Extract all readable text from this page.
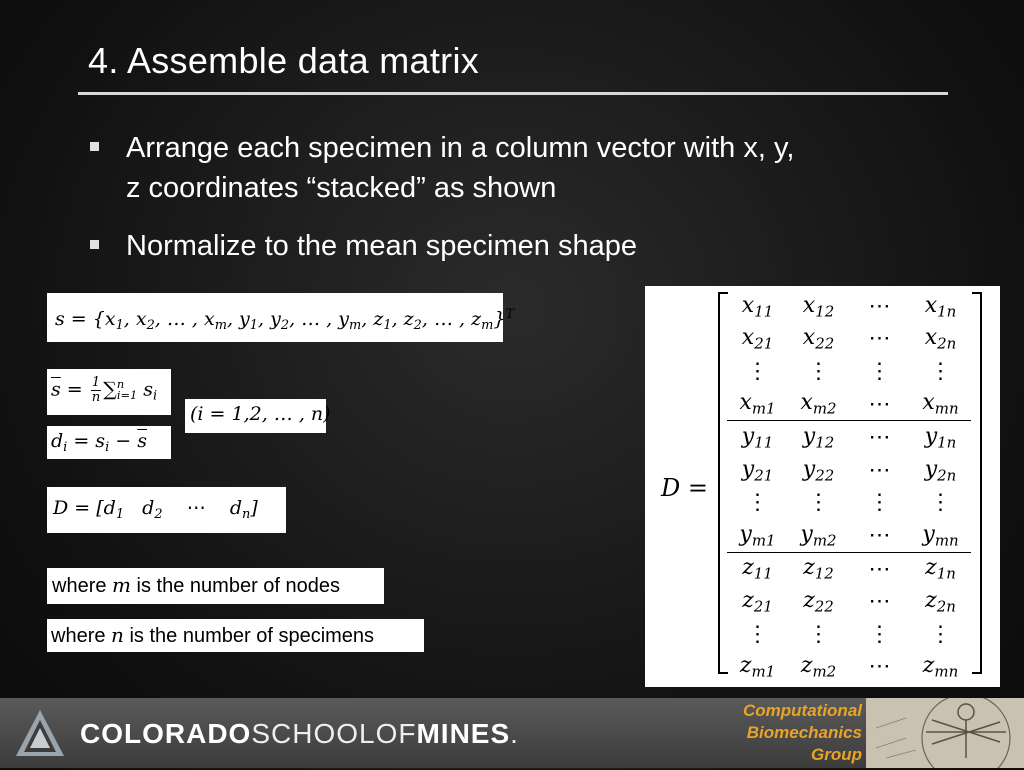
4. Assemble data matrix
Arrange each specimen in a column vector with x, y,
z coordinates “stacked” as shown
Normalize to the mean specimen shape
$s = \{x_1$, $x_2$, … , $x_m$, $y_1$, $y_2$, … , $y_m$, $z_1$, $z_2$, … , $z_m\}^T$
$\overline{s} = \frac{1}{n}$ ∑ n
i=1 $s_i$
$d_i = s_i - \overline{s}$
(i = 1,2, … , n)
$D = [d_1$   $d_2$ ⋯    $d_n$]
where m is the number of nodes
where n is the number of specimens
D =
$x_{11}$	$x_{12}$	⋯	$x_{1n}$
$x_{21}$	$x_{22}$	⋯	$x_{2n}$
⋮	⋮	⋮	⋮
$x_{m1}$	$x_{m2}$	⋯	$x_{mn}$
$y_{11}$	$y_{12}$	⋯	$y_{1n}$
$y_{21}$	$y_{22}$	⋯	$y_{2n}$
⋮	⋮	⋮	⋮
$y_{m1}$	$y_{m2}$	⋯	$y_{mn}$
$z_{11}$	$z_{12}$	⋯	$z_{1n}$
$z_{21}$	$z_{22}$	⋯	$z_{2n}$
⋮	⋮	⋮	⋮
$z_{m1}$	$z_{m2}$	⋯	$z_{mn}$
COLORADOSCHOOLOFMINES.
Computational
Biomechanics
Group
